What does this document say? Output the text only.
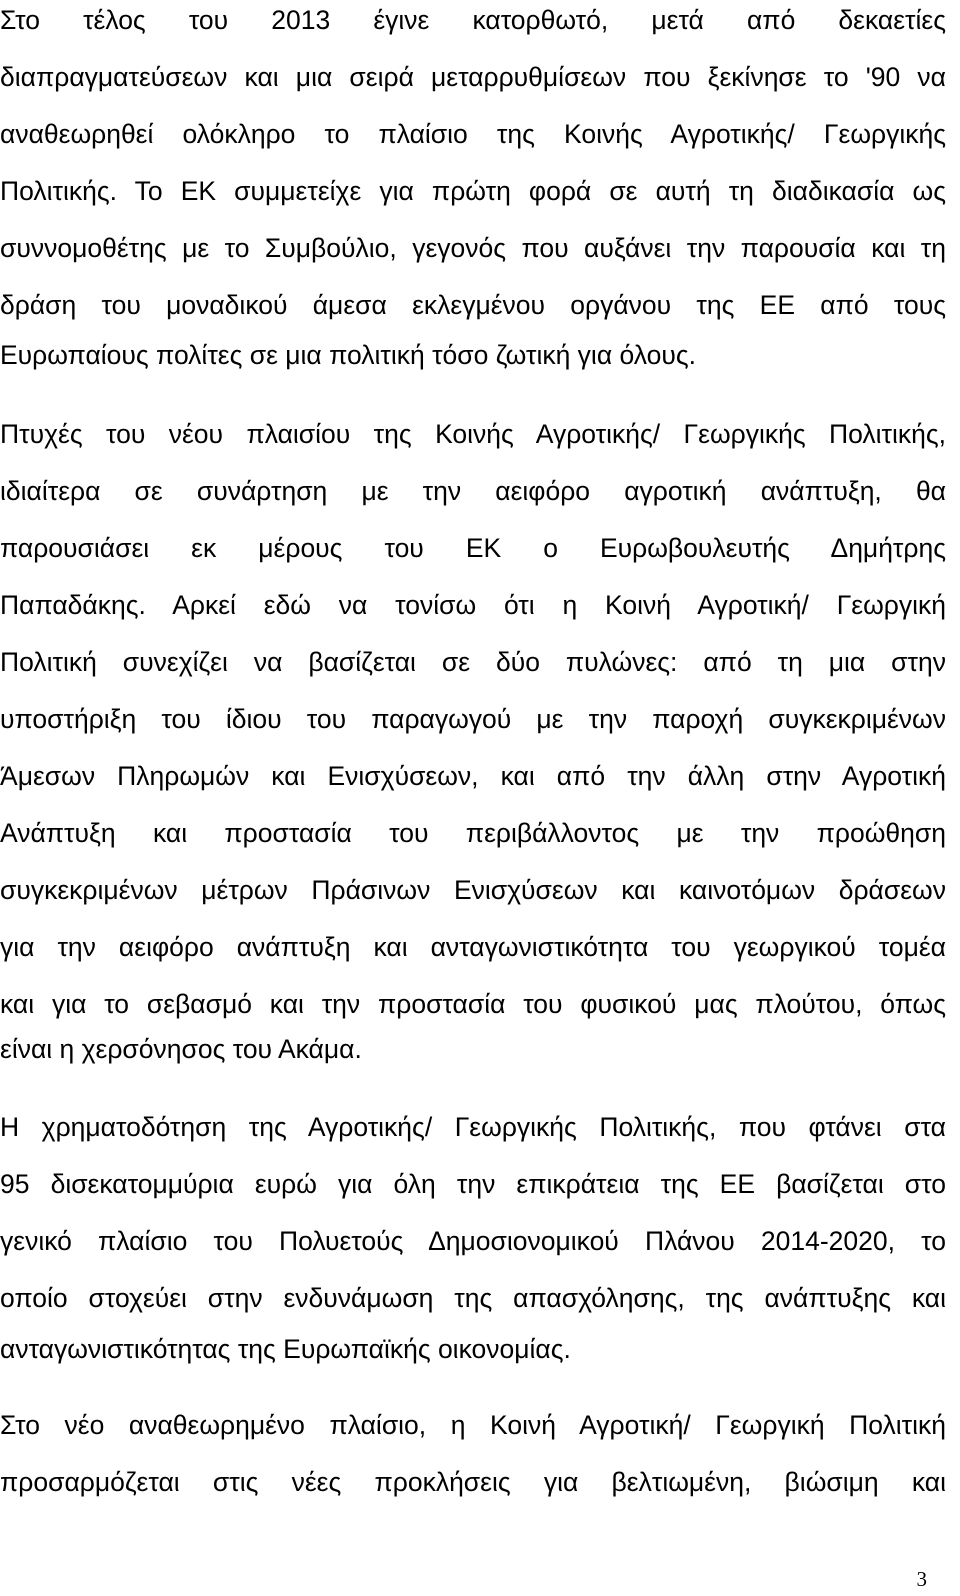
Στο τέλος του 2013 έγινε κατορθωτό, μετά από δεκαετίες
διαπραγματεύσεων και μια σειρά μεταρρυθμίσεων που ξεκίνησε το '90 να
αναθεωρηθεί ολόκληρο το πλαίσιο της Κοινής Αγροτικής/ Γεωργικής
Πολιτικής. Το ΕΚ συμμετείχε για πρώτη φορά σε αυτή τη διαδικασία ως
συννομοθέτης με το Συμβούλιο, γεγονός που αυξάνει την παρουσία και τη
δράση του μοναδικού άμεσα εκλεγμένου οργάνου της ΕΕ από τους
Ευρωπαίους πολίτες σε μια πολιτική τόσο ζωτική για όλους.
Πτυχές του νέου πλαισίου της Κοινής Αγροτικής/ Γεωργικής Πολιτικής,
ιδιαίτερα σε συνάρτηση με την αειφόρο αγροτική ανάπτυξη, θα
παρουσιάσει εκ μέρους του ΕΚ ο Ευρωβουλευτής Δημήτρης
Παπαδάκης. Αρκεί εδώ να τονίσω ότι η Κοινή Αγροτική/ Γεωργική
Πολιτική συνεχίζει να βασίζεται σε δύο πυλώνες: από τη μια στην
υποστήριξη του ίδιου του παραγωγού με την παροχή συγκεκριμένων
Άμεσων Πληρωμών και Ενισχύσεων, και από την άλλη στην Αγροτική
Ανάπτυξη και προστασία του περιβάλλοντος με την προώθηση
συγκεκριμένων μέτρων Πράσινων Ενισχύσεων και καινοτόμων δράσεων
για την αειφόρο ανάπτυξη και ανταγωνιστικότητα του γεωργικού τομέα
και για το σεβασμό και την προστασία του φυσικού μας πλούτου, όπως
είναι η χερσόνησος του Ακάμα.
Η χρηματοδότηση της Αγροτικής/ Γεωργικής Πολιτικής, που φτάνει στα
95 δισεκατομμύρια ευρώ για όλη την επικράτεια της ΕΕ βασίζεται στο
γενικό πλαίσιο του Πολυετούς Δημοσιονομικού Πλάνου 2014-2020, το
οποίο στοχεύει στην ενδυνάμωση της απασχόλησης, της ανάπτυξης και
ανταγωνιστικότητας της Ευρωπαϊκής οικονομίας.
Στο νέο αναθεωρημένο πλαίσιο, η Κοινή Αγροτική/ Γεωργική Πολιτική
προσαρμόζεται στις νέες προκλήσεις για βελτιωμένη, βιώσιμη και
3
